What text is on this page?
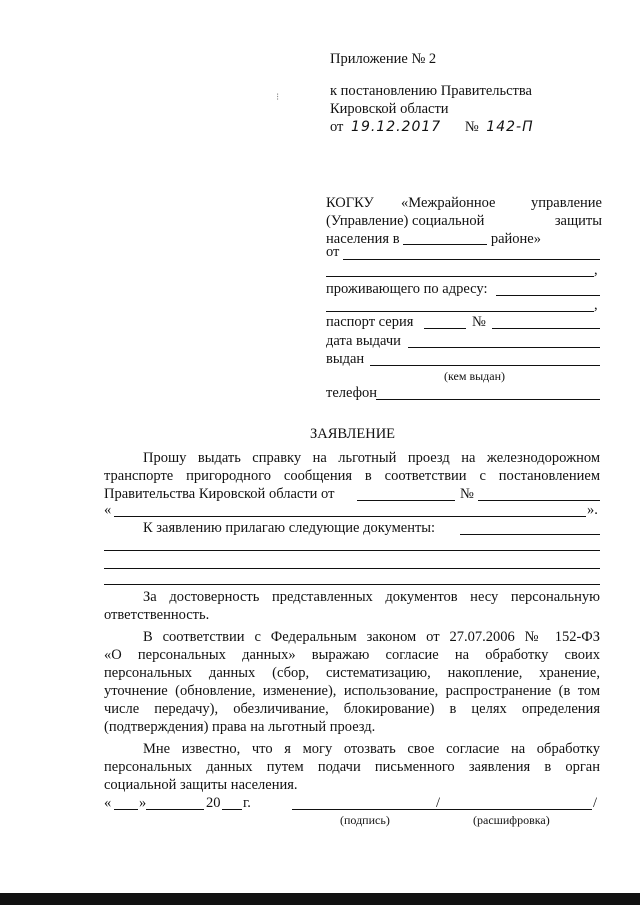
Приложение № 2
к постановлению Правительства
Кировской области
от 19.12.2017 № 142-П
⁝
КОГКУ «Межрайонное управление
(Управление) социальной	защиты
населения в	районе»
от
,
проживающего по адресу:
,
паспорт серия	№
дата выдачи
выдан
(кем выдан)
телефон
ЗАЯВЛЕНИЕ
Прошу выдать справку на льготный проезд на железнодорожном
транспорте пригородного сообщения в соответствии с постановлением
Правительства Кировской области от	№
«	».
К заявлению прилагаю следующие документы:
За достоверность представленных документов несу персональную
ответственность.
В соответствии с Федеральным законом от 27.07.2006 № 152-ФЗ
«О персональных данных» выражаю согласие на обработку своих
персональных данных (сбор, систематизацию, накопление, хранение,
уточнение (обновление, изменение), использование, распространение (в том
числе передачу), обезличивание, блокирование) в целях определения
(подтверждения) права на льготный проезд.
Мне известно, что я могу отозвать свое согласие на обработку
персональных данных путем подачи письменного заявления в орган
социальной защиты населения.
« »	20 г.	/	/
(подпись)	(расшифровка)
